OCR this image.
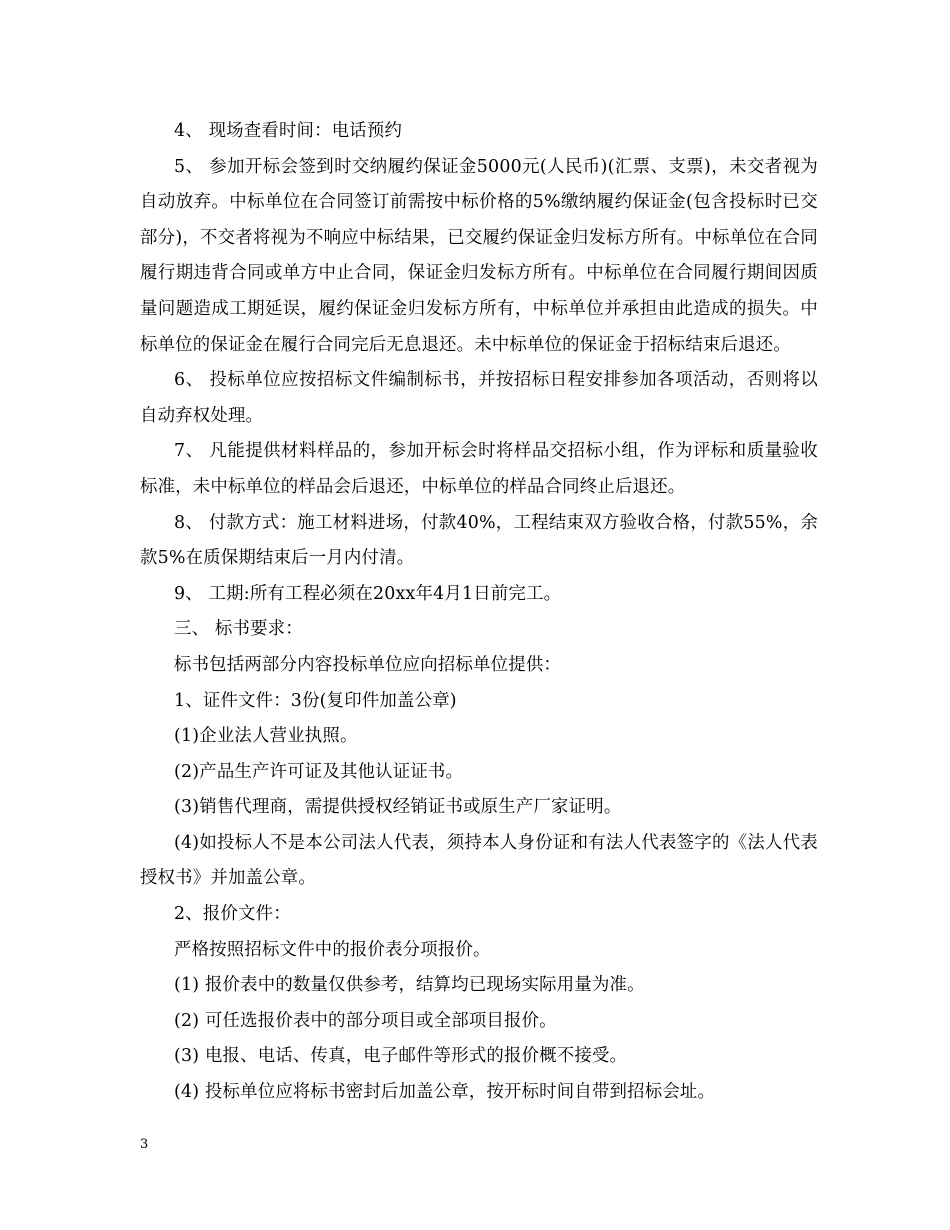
4、 现场查看时间：电话预约

5、 参加开标会签到时交纳履约保证金5000元(人民币)(汇票、支票)，未交者视为自动放弃。中标单位在合同签订前需按中标价格的5%缴纳履约保证金(包含投标时已交部分)，不交者将视为不响应中标结果，已交履约保证金归发标方所有。中标单位在合同履行期违背合同或单方中止合同，保证金归发标方所有。中标单位在合同履行期间因质量问题造成工期延误，履约保证金归发标方所有，中标单位并承担由此造成的损失。中标单位的保证金在履行合同完后无息退还。未中标单位的保证金于招标结束后退还。

6、 投标单位应按招标文件编制标书，并按招标日程安排参加各项活动，否则将以自动弃权处理。

7、 凡能提供材料样品的，参加开标会时将样品交招标小组，作为评标和质量验收标准，未中标单位的样品会后退还，中标单位的样品合同终止后退还。

8、 付款方式：施工材料进场，付款40%，工程结束双方验收合格，付款55%，余款5%在质保期结束后一月内付清。

9、 工期:所有工程必须在20xx年4月1日前完工。

三、 标书要求：

标书包括两部分内容投标单位应向招标单位提供：

1、证件文件：3份(复印件加盖公章)

(1)企业法人营业执照。

(2)产品生产许可证及其他认证证书。

(3)销售代理商，需提供授权经销证书或原生产厂家证明。

(4)如投标人不是本公司法人代表，须持本人身份证和有法人代表签字的《法人代表授权书》并加盖公章。

2、报价文件：

严格按照招标文件中的报价表分项报价。

(1) 报价表中的数量仅供参考，结算均已现场实际用量为准。

(2) 可任选报价表中的部分项目或全部项目报价。

(3) 电报、电话、传真，电子邮件等形式的报价概不接受。

(4) 投标单位应将标书密封后加盖公章，按开标时间自带到招标会址。

3
